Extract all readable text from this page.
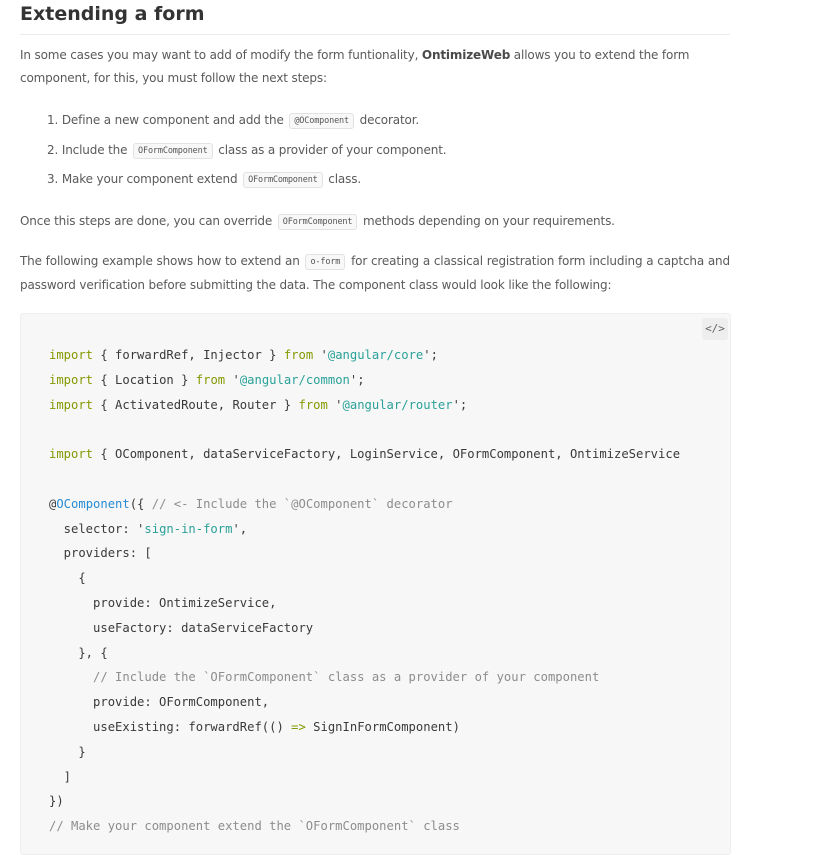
Extending a form

In some cases you may want to add of modify the form funtionality, OntimizeWeb allows you to extend the form component, for this, you must follow the next steps:

1. Define a new component and add the @OComponent decorator.
2. Include the OFormComponent class as a provider of your component.
3. Make your component extend OFormComponent class.

Once this steps are done, you can override OFormComponent methods depending on your requirements.

The following example shows how to extend an o-form for creating a classical registration form including a captcha and password verification before submitting the data. The component class would look like the following:

</>
import { forwardRef, Injector } from '@angular/core';
import { Location } from '@angular/common';
import { ActivatedRoute, Router } from '@angular/router';

import { OComponent, dataServiceFactory, LoginService, OFormComponent, OntimizeService

@OComponent({ // <- Include the `@OComponent` decorator
selector: 'sign-in-form',
providers: [
{
provide: OntimizeService,
useFactory: dataServiceFactory
}, {
// Include the `OFormComponent` class as a provider of your component
provide: OFormComponent,
useExisting: forwardRef(() => SignInFormComponent)
}
]
})
// Make your component extend the `OFormComponent` class
